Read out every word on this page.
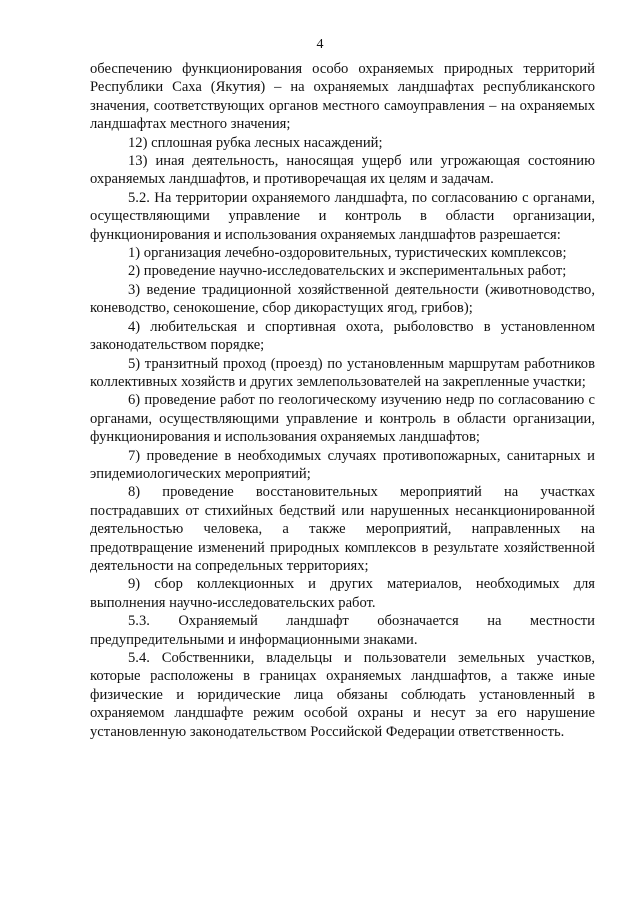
4

обеспечению функционирования особо охраняемых природных территорий Республики Саха (Якутия) – на охраняемых ландшафтах республиканского значения, соответствующих органов местного самоуправления – на охраняемых ландшафтах местного значения;

12) сплошная рубка лесных насаждений;

13) иная деятельность, наносящая ущерб или угрожающая состоянию охраняемых ландшафтов, и противоречащая их целям и задачам.

5.2. На территории охраняемого ландшафта, по согласованию с органами, осуществляющими управление и контроль в области организации, функционирования и использования охраняемых ландшафтов разрешается:

1) организация лечебно-оздоровительных, туристических комплексов;

2) проведение научно-исследовательских и экспериментальных работ;

3) ведение традиционной хозяйственной деятельности (животноводство, коневодство, сенокошение, сбор дикорастущих ягод, грибов);

4) любительская и спортивная охота, рыболовство в установленном законодательством порядке;

5) транзитный проход (проезд) по установленным маршрутам работников коллективных хозяйств и других землепользователей на закрепленные участки;

6) проведение работ по геологическому изучению недр по согласованию с органами, осуществляющими управление и контроль в области организации, функционирования и использования охраняемых ландшафтов;

7) проведение в необходимых случаях противопожарных, санитарных и эпидемиологических мероприятий;

8) проведение восстановительных мероприятий на участках пострадавших от стихийных бедствий или нарушенных несанкционированной деятельностью человека, а также мероприятий, направленных на предотвращение изменений природных комплексов в результате хозяйственной деятельности на сопредельных территориях;

9) сбор коллекционных и других материалов, необходимых для выполнения научно-исследовательских работ.

5.3. Охраняемый ландшафт обозначается на местности предупредительными и информационными знаками.

5.4. Собственники, владельцы и пользователи земельных участков, которые расположены в границах охраняемых ландшафтов, а также иные физические и юридические лица обязаны соблюдать установленный в охраняемом ландшафте режим особой охраны и несут за его нарушение установленную законодательством Российской Федерации ответственность.
